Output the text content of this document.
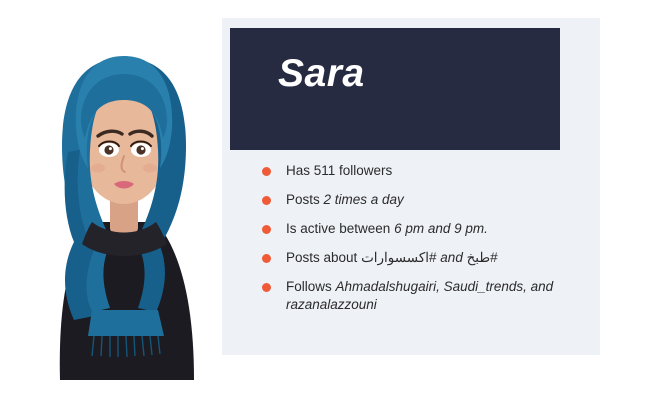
Sara
Has 511 followers
Posts 2 times a day
Is active between 6 pm and 9 pm.
Posts about #اكسسوارات and #طبخ
Follows Ahmadalshugairi, Saudi_trends, and razanalazzouni
